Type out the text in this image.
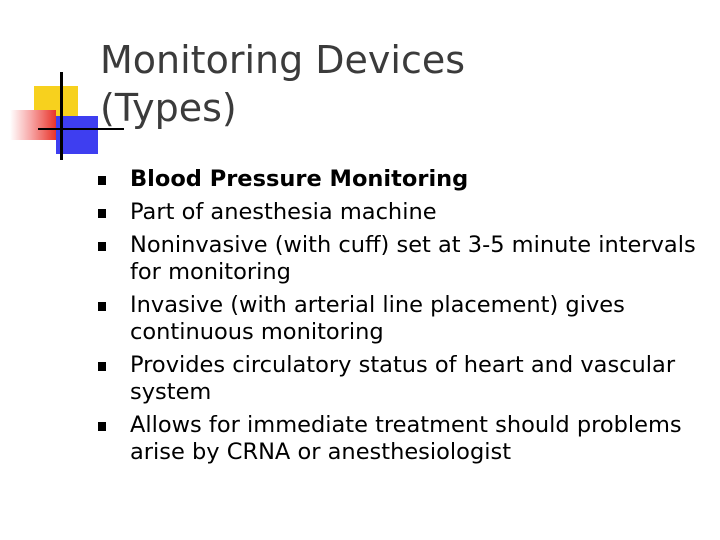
Monitoring Devices
(Types)
Blood Pressure Monitoring
Part of anesthesia machine
Noninvasive (with cuff) set at 3-5 minute intervals for monitoring
Invasive (with arterial line placement) gives continuous monitoring
Provides circulatory status of heart and vascular system
Allows for immediate treatment should problems arise by CRNA or anesthesiologist
